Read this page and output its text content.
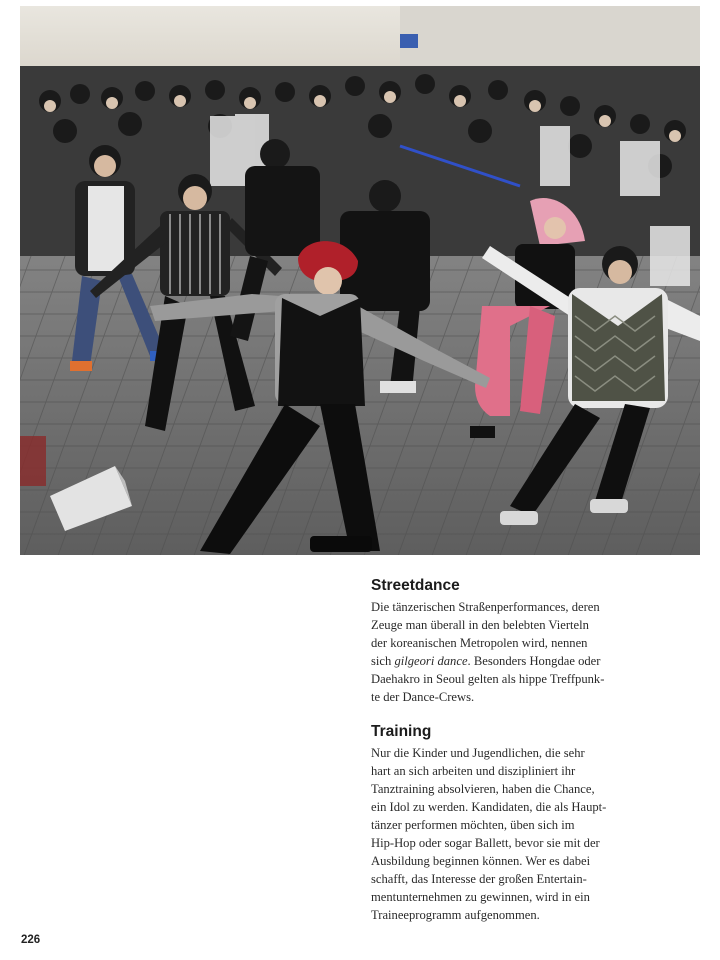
Streetdance

Die tänzerischen Straßenperformances, deren
Zeuge man überall in den belebten Vierteln
der koreanischen Metropolen wird, nennen
sich gilgeori dance. Besonders Hongdae oder
Daehakro in Seoul gelten als hippe Treffpunk-
te der Dance-Crews.

Training

Nur die Kinder und Jugendlichen, die sehr
hart an sich arbeiten und diszipliniert ihr
Tanztraining absolvieren, haben die Chance,
ein Idol zu werden. Kandidaten, die als Haupt-
tänzer performen möchten, üben sich im
Hip-Hop oder sogar Ballett, bevor sie mit der
Ausbildung beginnen können. Wer es dabei
schafft, das Interesse der großen Entertain-
mentunternehmen zu gewinnen, wird in ein
Traineeprogramm aufgenommen.

226
